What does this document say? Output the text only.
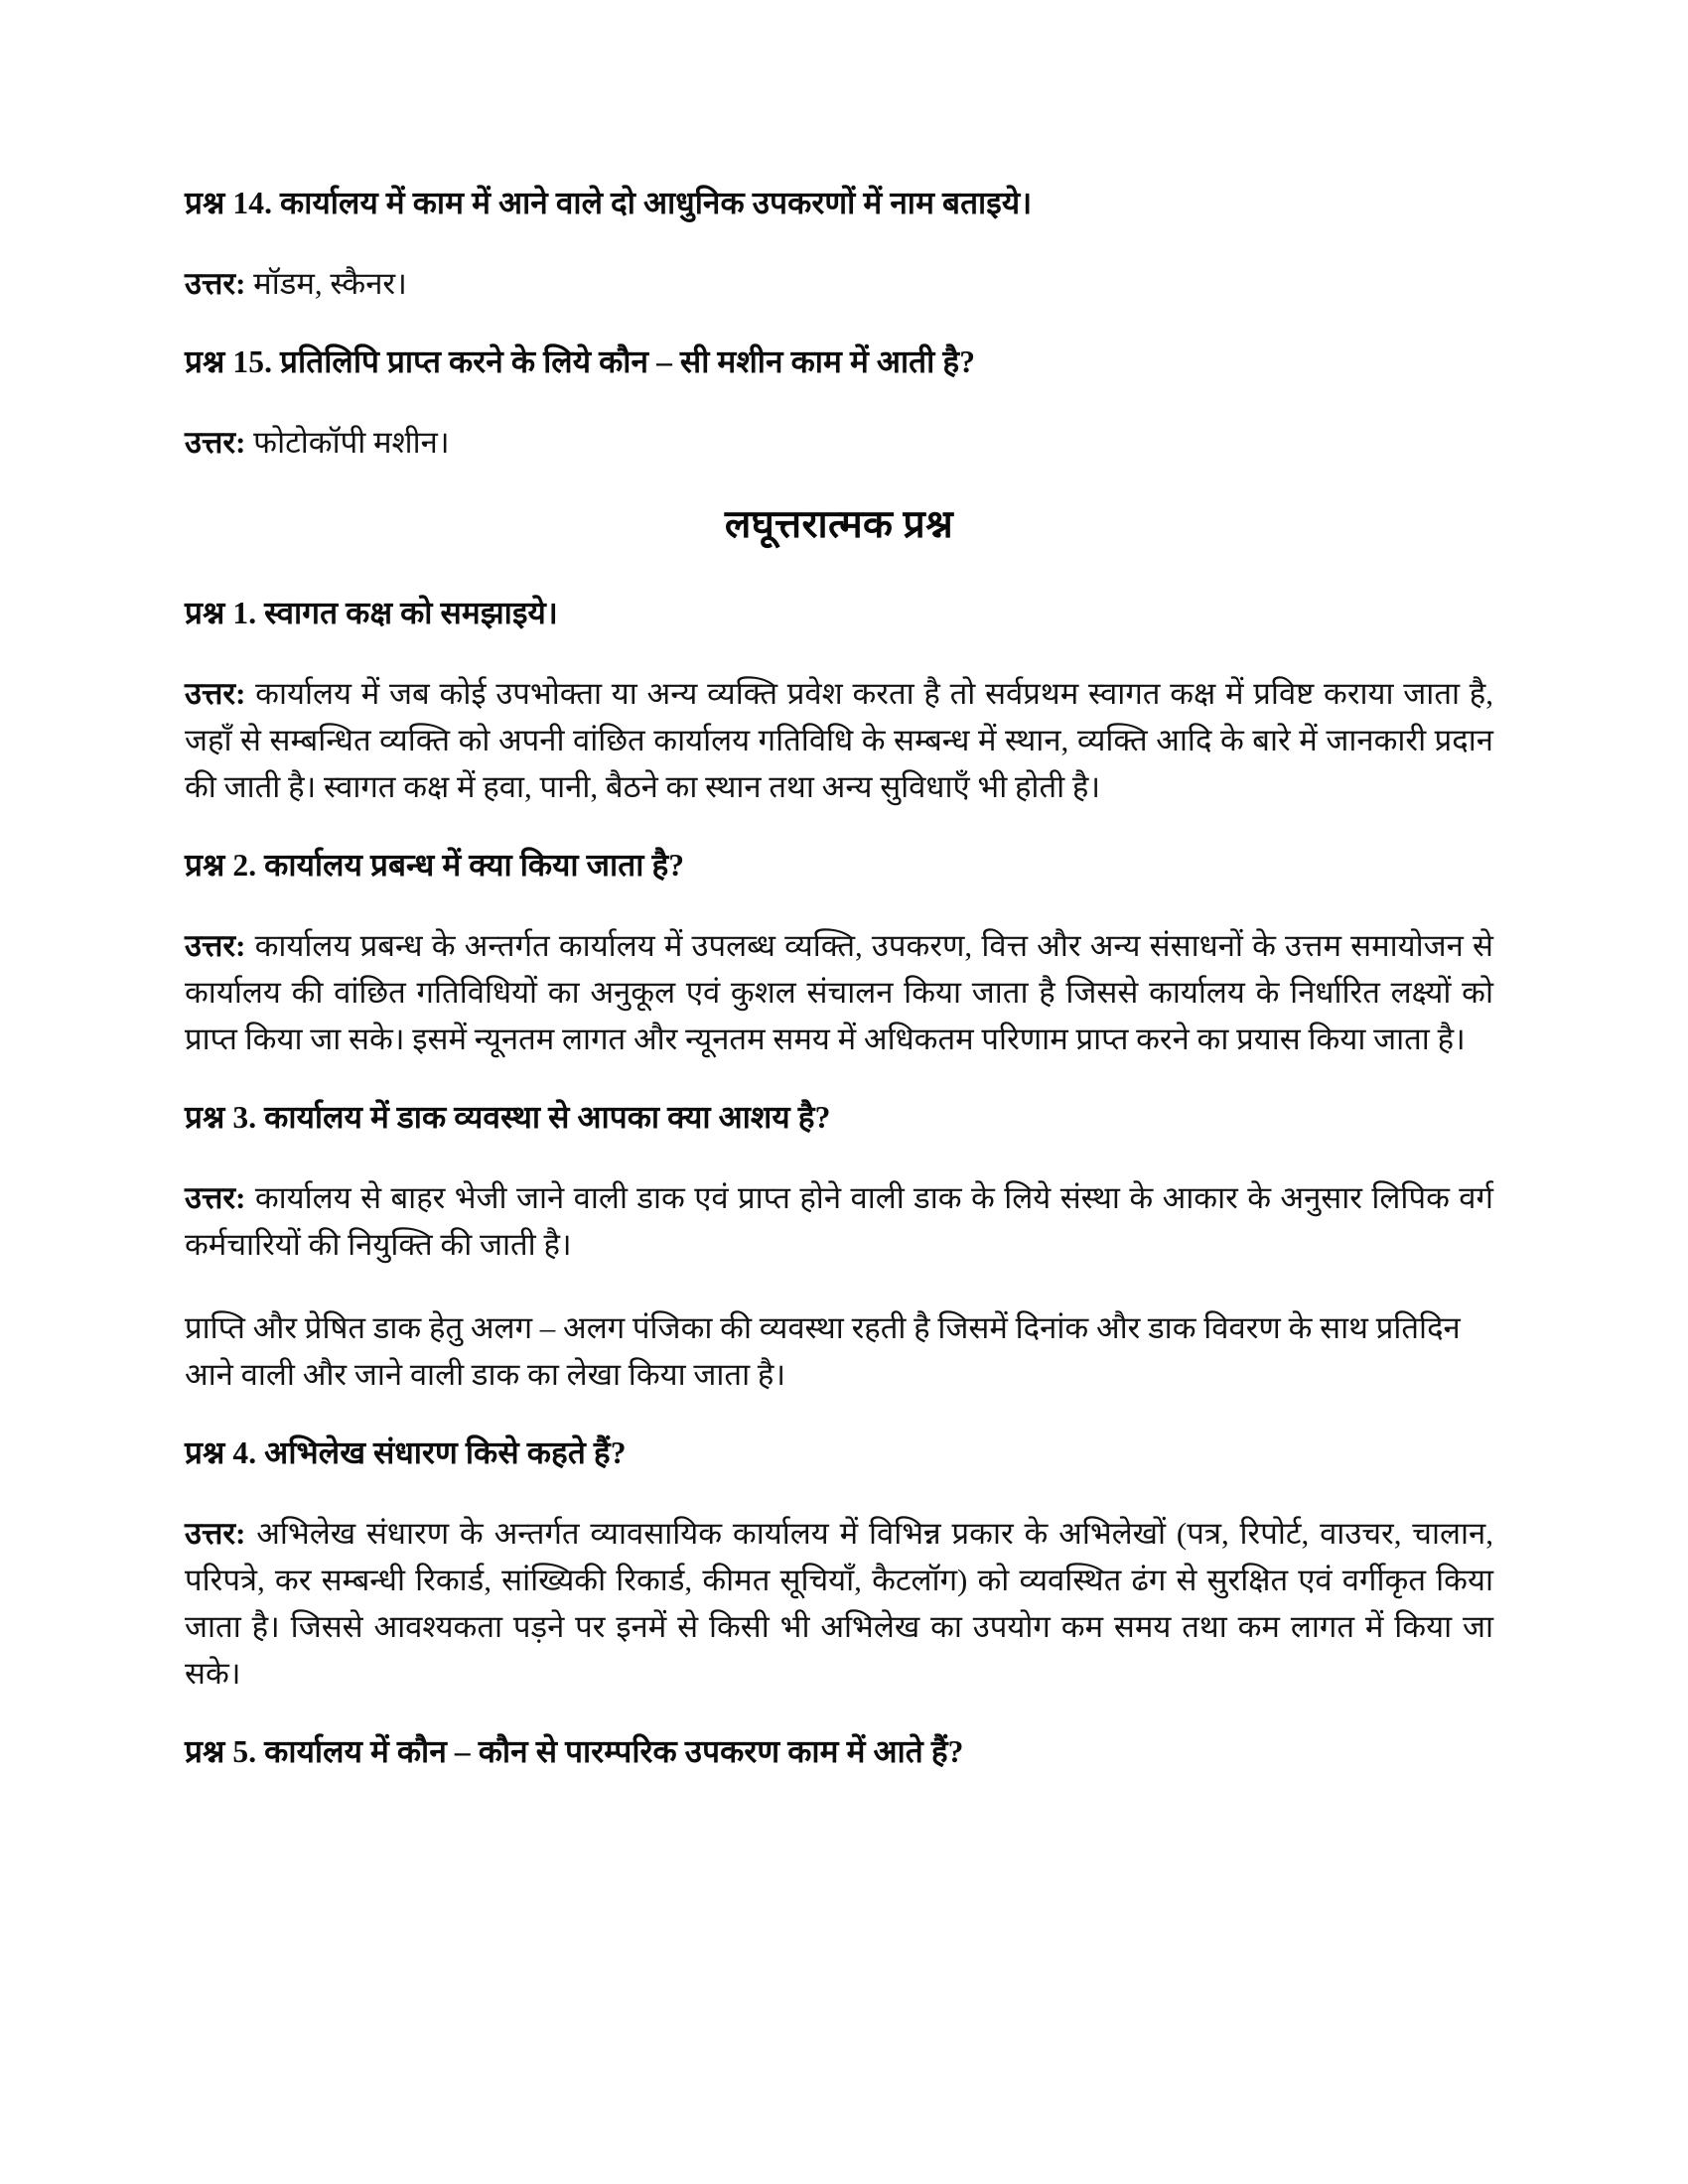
प्रश्न 14. कार्यालय में काम में आने वाले दो आधुनिक उपकरणों में नाम बताइये।

उत्तर: मॉडम, स्कैनर।

प्रश्न 15. प्रतिलिपि प्राप्त करने के लिये कौन – सी मशीन काम में आती है?

उत्तर: फोटोकॉपी मशीन।

लघूत्तरात्मक प्रश्न

प्रश्न 1. स्वागत कक्ष को समझाइये।

उत्तर: कार्यालय में जब कोई उपभोक्ता या अन्य व्यक्ति प्रवेश करता है तो सर्वप्रथम स्वागत कक्ष में प्रविष्ट कराया जाता है, जहाँ से सम्बन्धित व्यक्ति को अपनी वांछित कार्यालय गतिविधि के सम्बन्ध में स्थान, व्यक्ति आदि के बारे में जानकारी प्रदान की जाती है। स्वागत कक्ष में हवा, पानी, बैठने का स्थान तथा अन्य सुविधाएँ भी होती है।

प्रश्न 2. कार्यालय प्रबन्ध में क्या किया जाता है?

उत्तर: कार्यालय प्रबन्ध के अन्तर्गत कार्यालय में उपलब्ध व्यक्ति, उपकरण, वित्त और अन्य संसाधनों के उत्तम समायोजन से कार्यालय की वांछित गतिविधियों का अनुकूल एवं कुशल संचालन किया जाता है जिससे कार्यालय के निर्धारित लक्ष्यों को प्राप्त किया जा सके। इसमें न्यूनतम लागत और न्यूनतम समय में अधिकतम परिणाम प्राप्त करने का प्रयास किया जाता है।

प्रश्न 3. कार्यालय में डाक व्यवस्था से आपका क्या आशय है?

उत्तर: कार्यालय से बाहर भेजी जाने वाली डाक एवं प्राप्त होने वाली डाक के लिये संस्था के आकार के अनुसार लिपिक वर्ग कर्मचारियों की नियुक्ति की जाती है।

प्राप्ति और प्रेषित डाक हेतु अलग – अलग पंजिका की व्यवस्था रहती है जिसमें दिनांक और डाक विवरण के साथ प्रतिदिन आने वाली और जाने वाली डाक का लेखा किया जाता है।

प्रश्न 4. अभिलेख संधारण किसे कहते हैं?

उत्तर: अभिलेख संधारण के अन्तर्गत व्यावसायिक कार्यालय में विभिन्न प्रकार के अभिलेखों (पत्र, रिपोर्ट, वाउचर, चालान, परिपत्रे, कर सम्बन्धी रिकार्ड, सांख्यिकी रिकार्ड, कीमत सूचियाँ, कैटलॉग) को व्यवस्थित ढंग से सुरक्षित एवं वर्गीकृत किया जाता है। जिससे आवश्यकता पड़ने पर इनमें से किसी भी अभिलेख का उपयोग कम समय तथा कम लागत में किया जा सके।

प्रश्न 5. कार्यालय में कौन – कौन से पारम्परिक उपकरण काम में आते हैं?
